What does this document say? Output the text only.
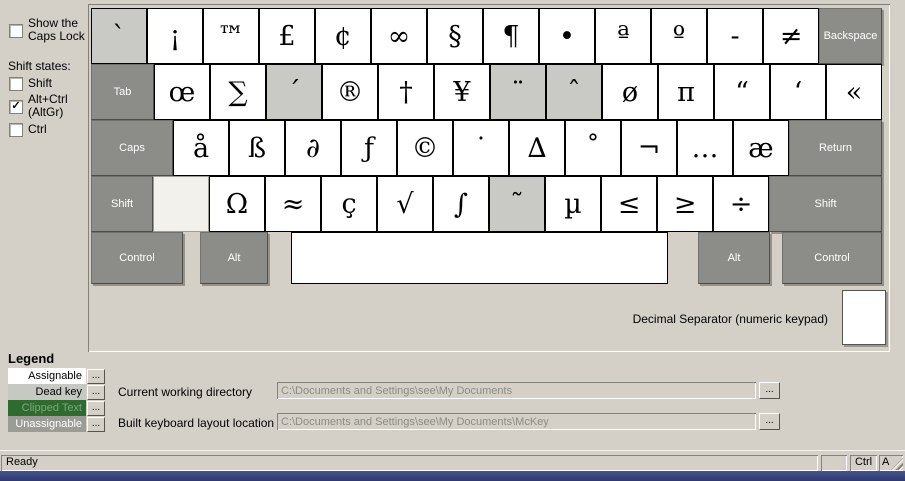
Show the
Caps Lock
Shift states:
Shift
✓ Alt+Ctrl
(AltGr)
Ctrl
`	¡	™	£	¢	∞	§	¶	•	ª	º	-	≠	Backspace
Tab	œ	∑	´	®	†	¥	¨	ˆ	ø	π	“	‘	«
Caps	å	ß	∂	ƒ	©	˙	∆	˚	¬	…	æ	Return
Shift	Ω	≈	ç	√	∫	˜	µ	≤	≥	÷	Shift
Control	Alt	Alt	Control
Decimal Separator (numeric keypad)
Legend
Assignable ...
Dead key ...
Clipped Text ...
Unassignable ...
Current working directory
C:\Documents and Settings\see\My Documents	...
Built keyboard layout location
C:\Documents and Settings\see\My Documents\McKey	...
Ready	Ctrl A
